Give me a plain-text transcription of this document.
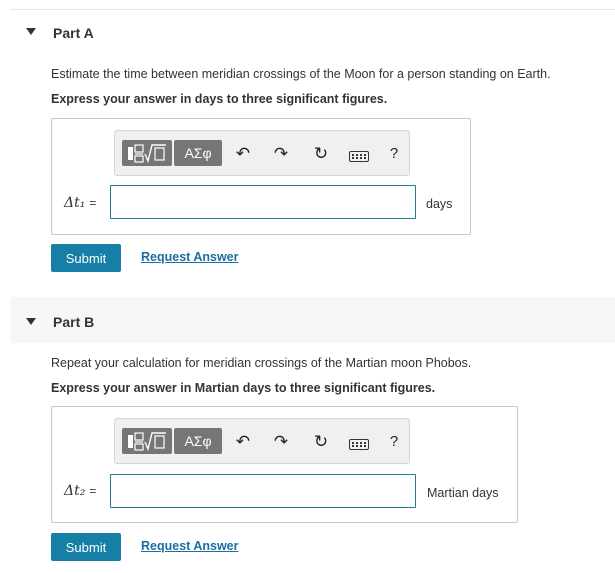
Part A
Estimate the time between meridian crossings of the Moon for a person standing on Earth.
Express your answer in days to three significant figures.
ΑΣφ	↶ ↷ ↻	?
Δt₁ =	days
Submit	Request Answer
Part B
Repeat your calculation for meridian crossings of the Martian moon Phobos.
Express your answer in Martian days to three significant figures.
ΑΣφ	↶ ↷ ↻	?
Δt₂ =	Martian days
Submit	Request Answer
